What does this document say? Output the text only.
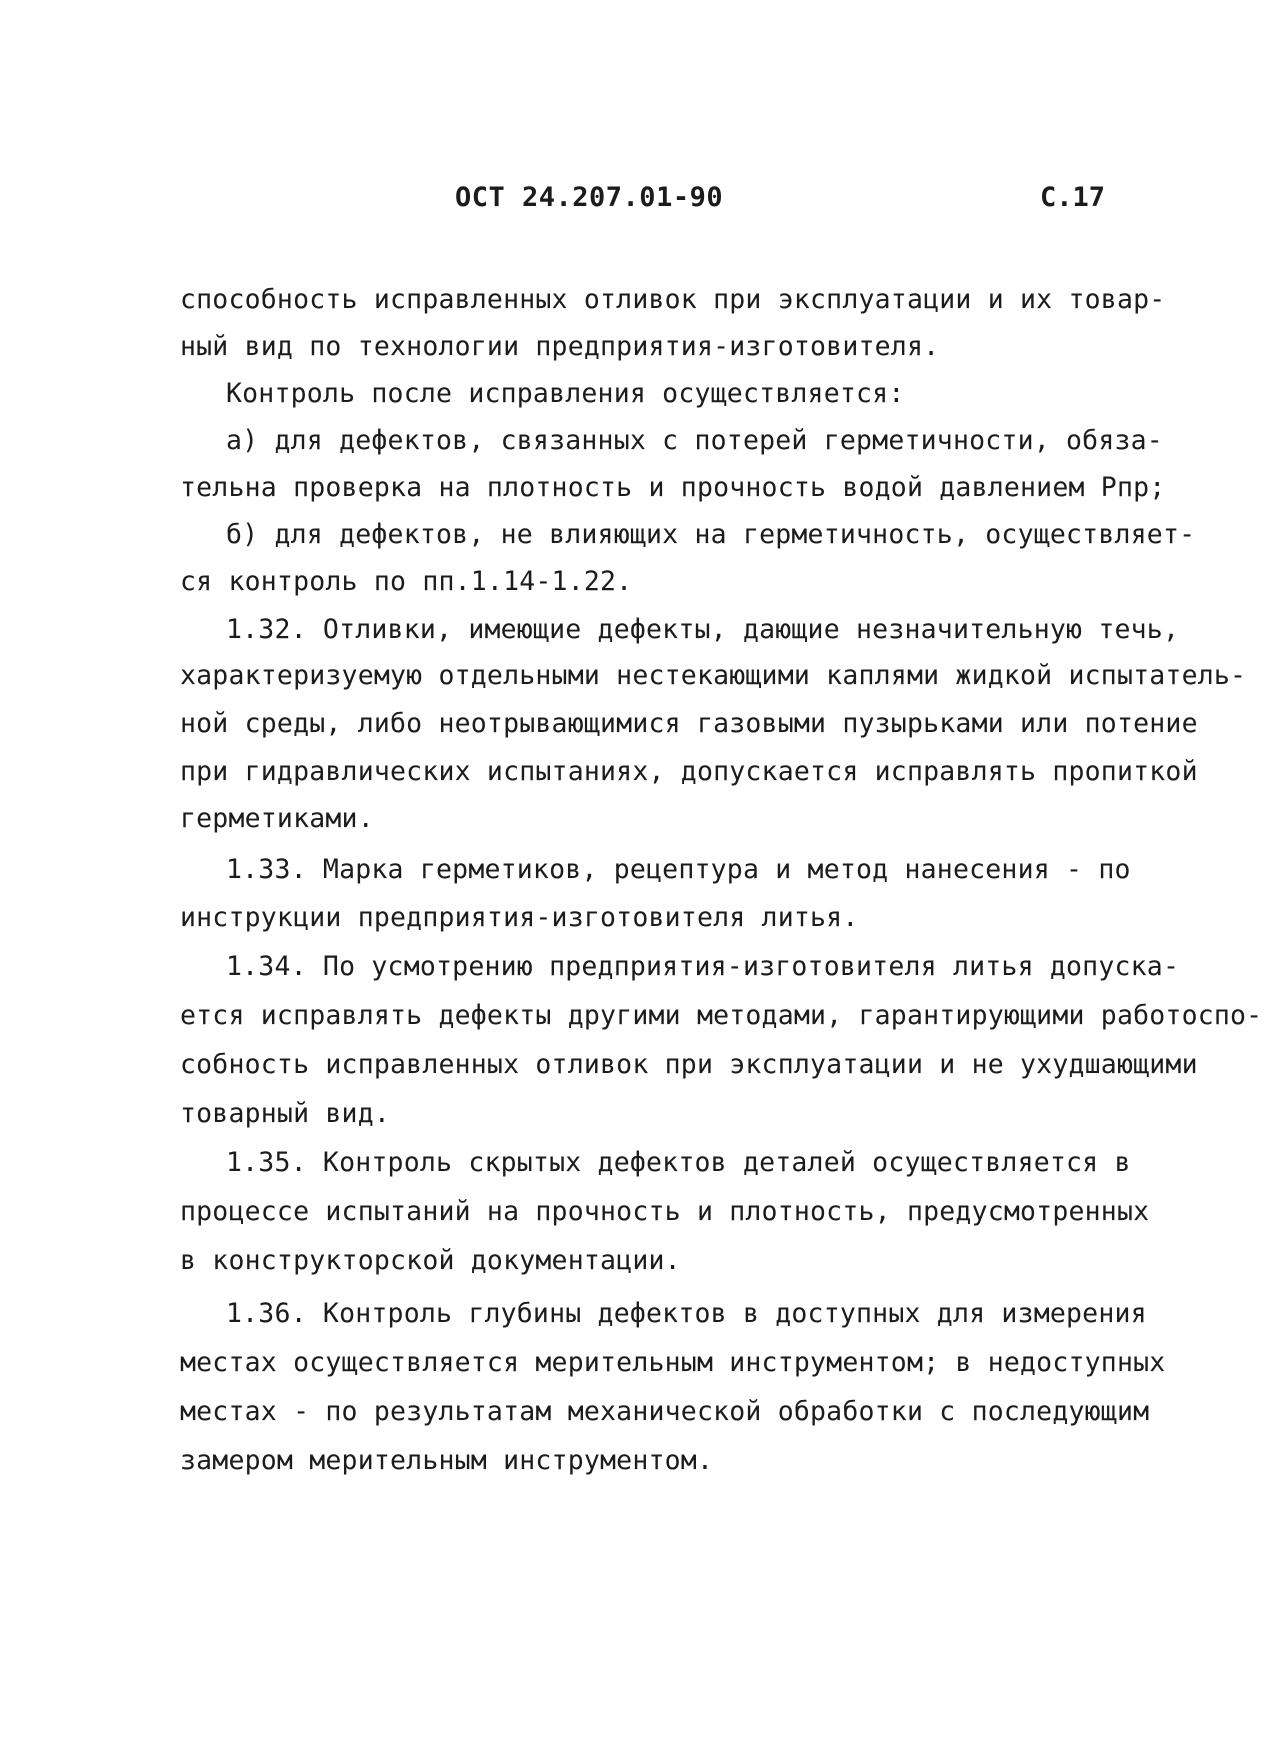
ОСТ 24.207.01-90	С.17
способность исправленных отливок при эксплуатации и их товар-
ный вид по технологии предприятия-изготовителя.
Контроль после исправления осуществляется:
а) для дефектов, связанных с потерей герметичности, обяза-
тельна проверка на плотность и прочность водой давлением Рпр;
б) для дефектов, не влияющих на герметичность, осуществляет-
ся контроль по пп.1.14-1.22.
1.32. Отливки, имеющие дефекты, дающие незначительную течь,
характеризуемую отдельными нестекающими каплями жидкой испытатель-
ной среды, либо неотрывающимися газовыми пузырьками или потение
при гидравлических испытаниях, допускается исправлять пропиткой
герметиками.
1.33. Марка герметиков, рецептура и метод нанесения - по
инструкции предприятия-изготовителя литья.
1.34. По усмотрению предприятия-изготовителя литья допуска-
ется исправлять дефекты другими методами, гарантирующими работоспо-
собность исправленных отливок при эксплуатации и не ухудшающими
товарный вид.
1.35. Контроль скрытых дефектов деталей осуществляется в
процессе испытаний на прочность и плотность, предусмотренных
в конструкторской документации.
1.36. Контроль глубины дефектов в доступных для измерения
местах осуществляется мерительным инструментом; в недоступных
местах - по результатам механической обработки с последующим
замером мерительным инструментом.
